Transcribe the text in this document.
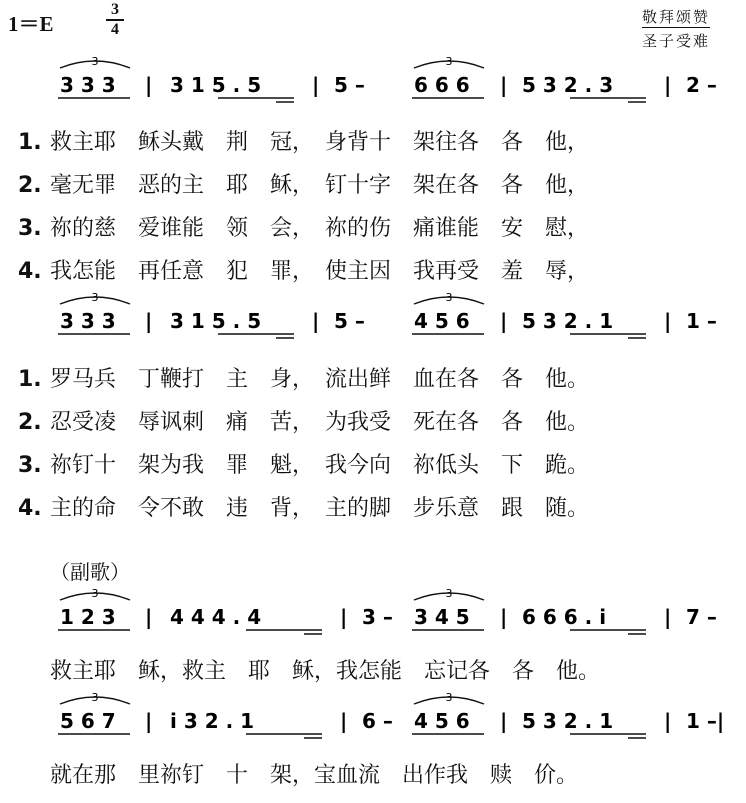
1＝E
3
4
敬拜颂赞
圣子受难
3	3
3 3 3 | 3 1 5 . 5	| 5 – 6 6 6 | 5 3 2 . 3	| 2 –
1. 救主耶　稣头戴　荆　冠，　身背十　架往各　各　他，
2. 毫无罪　恶的主　耶　稣，　钉十字　架在各　各　他，
3. 祢的慈　爱谁能　领　会，　祢的伤　痛谁能　安　慰，
4. 我怎能　再任意　犯　罪，　使主因　我再受　羞　辱，
3	3
3 3 3 | 3 1 5 . 5	| 5 – 4 5 6 | 5 3 2 . 1	| 1 –
1. 罗马兵　丁鞭打　主　身，　流出鲜　血在各　各　他。
2. 忍受凌　辱讽刺　痛　苦，　为我受　死在各　各　他。
3. 祢钉十　架为我　罪　魁，　我今向　祢低头　下　跪。
4. 主的命　令不敢　违　背，　主的脚　步乐意　跟　随。
（副歌）
3	3
1 2 3 | 4 4 4 . 4	| 3 – 3 4 5 | 6 6 6 . i	| 7 –
救主耶　稣，救主　耶　稣，我怎能　忘记各　各　他。
3	3
5 6 7 | i 3 2 . 1	| 6 – 4 5 6 | 5 3 2 . 1	| 1 –|
就在那　里祢钉　十　架，宝血流　出作我　赎　价。
